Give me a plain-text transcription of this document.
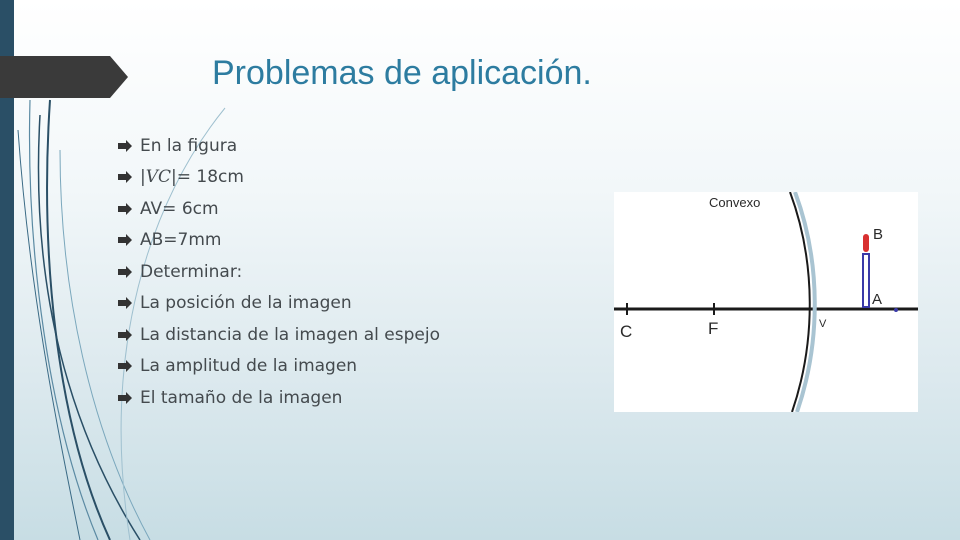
Problemas de aplicación.
En la figura
| VC |= 18cm
AV= 6cm
AB=7mm
Determinar:
La posición de la imagen
La distancia de la imagen al espejo
La amplitud de la imagen
El tamaño de la imagen
Convexo
C	F	V
A
B
